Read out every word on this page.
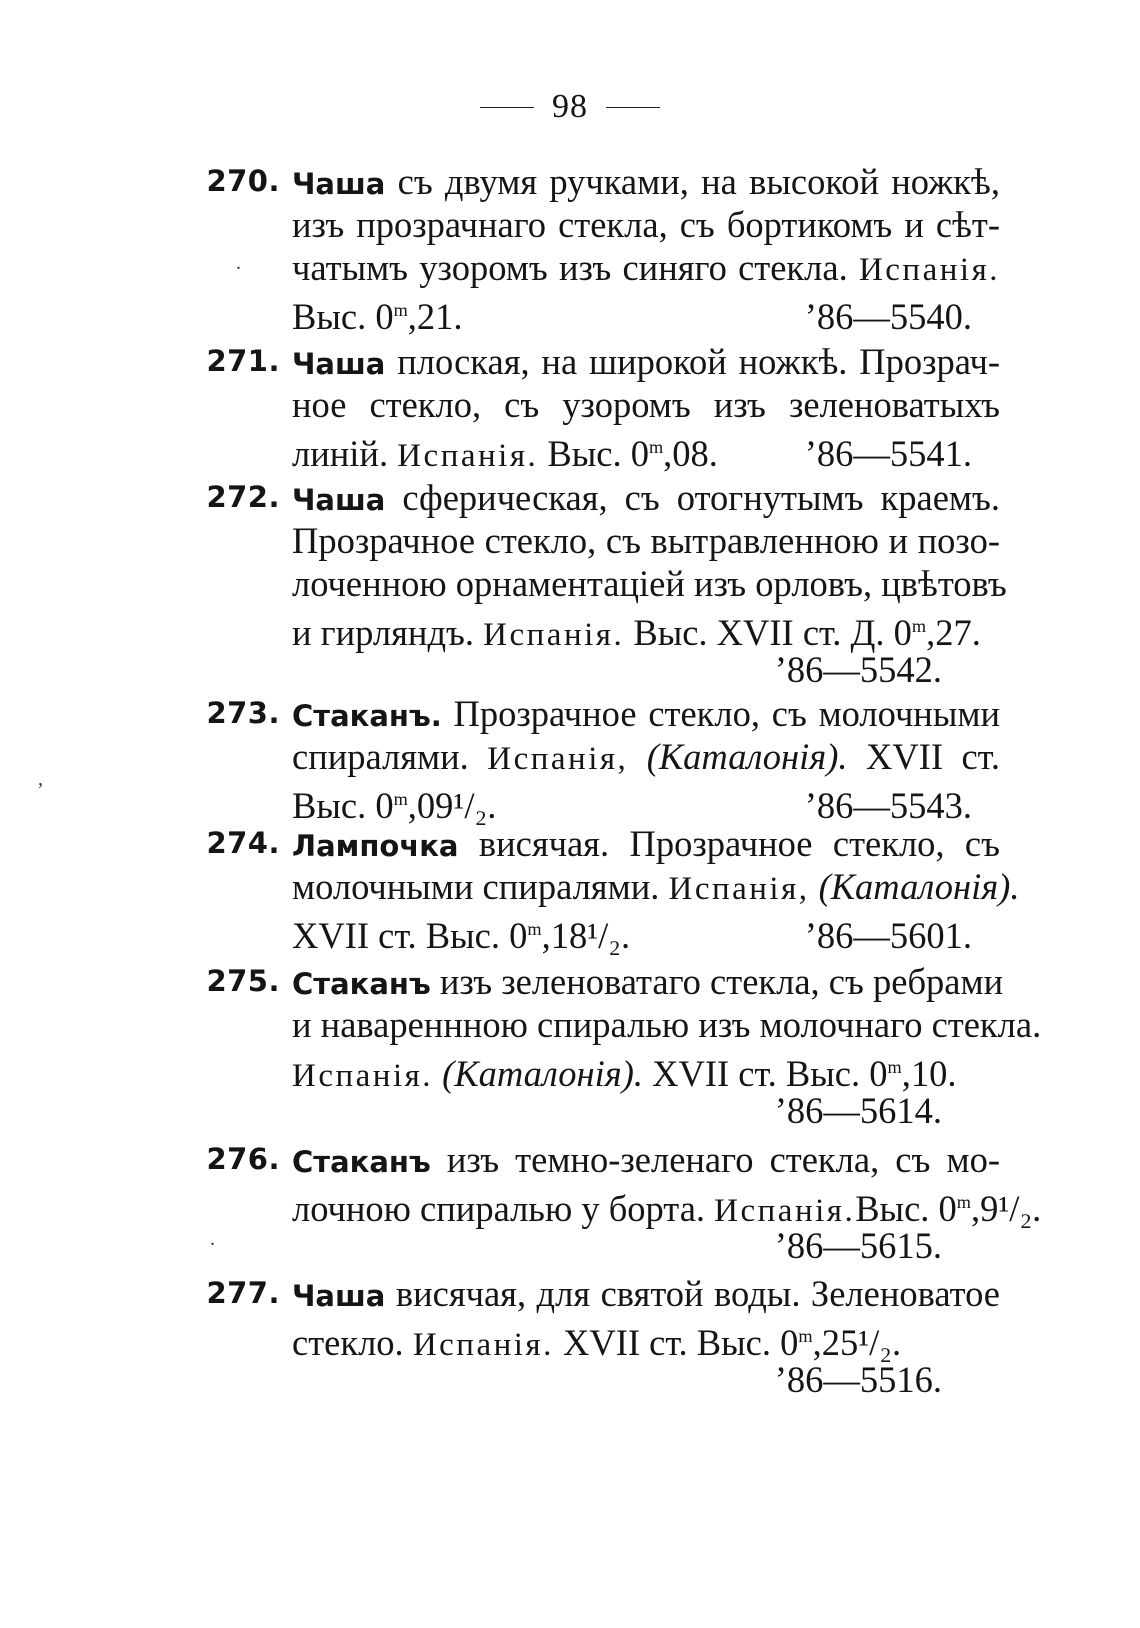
98
270. Чаша съ двумя ручками, на высокой ножкѣ,
изъ прозрачнаго стекла, съ бортикомъ и сѣт-
чатымъ узоромъ изъ синяго стекла. Испанія.
Выс. 0$^m$,21.	’86—5540.
271. Чаша плоская, на широкой ножкѣ. Прозрач-
ное стекло, съ узоромъ изъ зеленоватыхъ
линій. Испанія. Выс. 0$^m$,08. ’86—5541.
272. Чаша сферическая, съ отогнутымъ краемъ.
Прозрачное стекло, съ вытравленною и позо-
лоченною орнаментаціей изъ орловъ, цвѣтовъ
и гирляндъ. Испанія. Выс. XVII ст. Д. 0$^m$,27.
’86—5542.
273. Стаканъ. Прозрачное стекло, съ молочными
спиралями. Испанія, (Каталонія). XVII ст.
Выс. 0$^m$,09¹/₂.	’86—5543.
274. Лампочка висячая. Прозрачное стекло, съ
молочными спиралями. Испанія, (Каталонія).
XVII ст. Выс. 0$^m$,18¹/₂.	’86—5601.
275. Стаканъ изъ зеленоватаго стекла, съ ребрами
и навареннною спиралью изъ молочнаго стекла.
Испанія. (Каталонія). XVII ст. Выс. 0$^m$,10.
’86—5614.
276. Стаканъ изъ темно-зеленаго стекла, съ мо-
лочною спиралью у борта. Испанія.Выс. 0$^m$,9¹/₂.
’86—5615.
277. Чаша висячая, для святой воды. Зеленоватое
стекло. Испанія. XVII ст. Выс. 0$^m$,25¹/₂.
’86—5516.
.
,
.
